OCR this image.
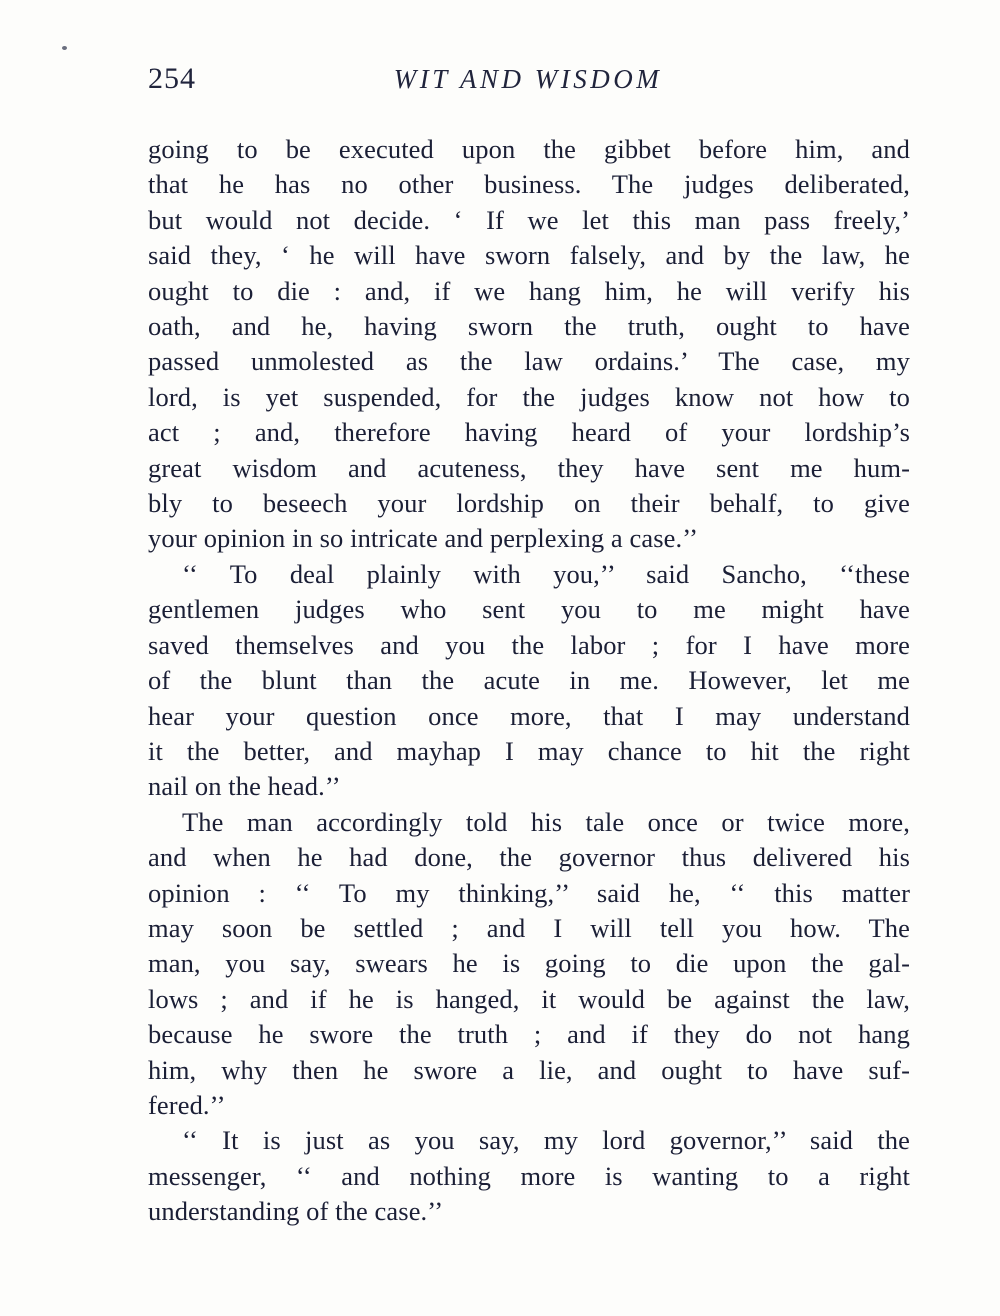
254	WIT AND WISDOM

going to be executed upon the gibbet before him, and
that he has no other business. The judges deliberated,
but would not decide. ‘ If we let this man pass freely,’
said they, ‘ he will have sworn falsely, and by the law, he
ought to die : and, if we hang him, he will verify his
oath, and he, having sworn the truth, ought to have
passed unmolested as the law ordains.’ The case, my
lord, is yet suspended, for the judges know not how to
act ; and, therefore having heard of your lordship’s
great wisdom and acuteness, they have sent me hum-
bly to beseech your lordship on their behalf, to give
your opinion in so intricate and perplexing a case.’’

‘‘ To deal plainly with you,’’ said Sancho, ‘‘these
gentlemen judges who sent you to me might have
saved themselves and you the labor ; for I have more
of the blunt than the acute in me. However, let me
hear your question once more, that I may understand
it the better, and mayhap I may chance to hit the right
nail on the head.’’

The man accordingly told his tale once or twice more,
and when he had done, the governor thus delivered his
opinion : ‘‘ To my thinking,’’ said he, ‘‘ this matter
may soon be settled ; and I will tell you how. The
man, you say, swears he is going to die upon the gal-
lows ; and if he is hanged, it would be against the law,
because he swore the truth ; and if they do not hang
him, why then he swore a lie, and ought to have suf-
fered.’’

‘‘ It is just as you say, my lord governor,’’ said the
messenger, ‘‘ and nothing more is wanting to a right
understanding of the case.’’
